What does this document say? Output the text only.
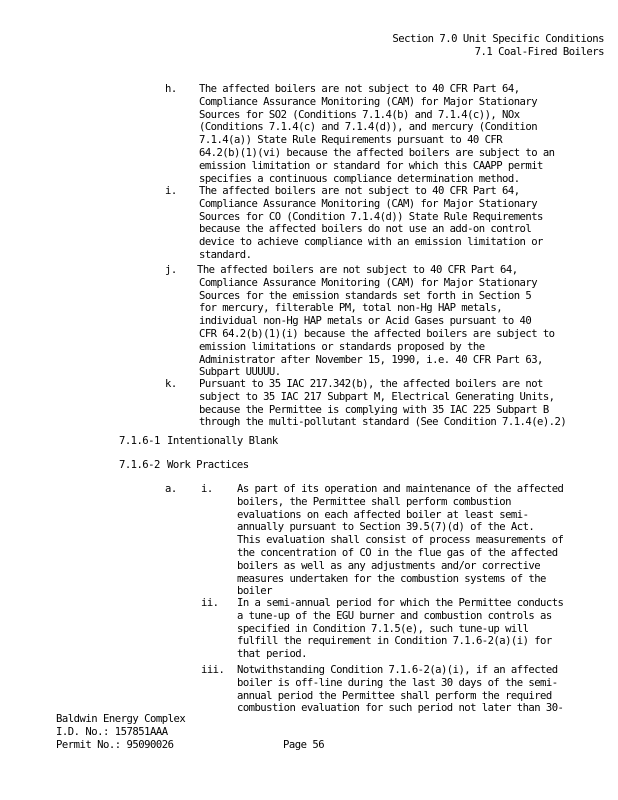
Section 7.0 Unit Specific Conditions
7.1 Coal-Fired Boilers
h.	The affected boilers are not subject to 40 CFR Part 64,
Compliance Assurance Monitoring (CAM) for Major Stationary
Sources for SO2 (Conditions 7.1.4(b) and 7.1.4(c)), NOx
(Conditions 7.1.4(c) and 7.1.4(d)), and mercury (Condition
7.1.4(a)) State Rule Requirements pursuant to 40 CFR
64.2(b)(1)(vi) because the affected boilers are subject to an
emission limitation or standard for which this CAAPP permit
specifies a continuous compliance determination method.
i.	The affected boilers are not subject to 40 CFR Part 64,
Compliance Assurance Monitoring (CAM) for Major Stationary
Sources for CO (Condition 7.1.4(d)) State Rule Requirements
because the affected boilers do not use an add-on control
device to achieve compliance with an emission limitation or
standard.
j.	The affected boilers are not subject to 40 CFR Part 64,
Compliance Assurance Monitoring (CAM) for Major Stationary
Sources for the emission standards set forth in Section 5
for mercury, filterable PM, total non-Hg HAP metals,
individual non-Hg HAP metals or Acid Gases pursuant to 40
CFR 64.2(b)(1)(i) because the affected boilers are subject to
emission limitations or standards proposed by the
Administrator after November 15, 1990, i.e. 40 CFR Part 63,
Subpart UUUUU.
k.	Pursuant to 35 IAC 217.342(b), the affected boilers are not
subject to 35 IAC 217 Subpart M, Electrical Generating Units,
because the Permittee is complying with 35 IAC 225 Subpart B
through the multi-pollutant standard (See Condition 7.1.4(e).2)
7.1.6-1 Intentionally Blank
7.1.6-2 Work Practices
a. i.	As part of its operation and maintenance of the affected
boilers, the Permittee shall perform combustion
evaluations on each affected boiler at least semi-
annually pursuant to Section 39.5(7)(d) of the Act.
This evaluation shall consist of process measurements of
the concentration of CO in the flue gas of the affected
boilers as well as any adjustments and/or corrective
measures undertaken for the combustion systems of the
boiler
ii.	In a semi-annual period for which the Permittee conducts
a tune-up of the EGU burner and combustion controls as
specified in Condition 7.1.5(e), such tune-up will
fulfill the requirement in Condition 7.1.6-2(a)(i) for
that period.
iii.	Notwithstanding Condition 7.1.6-2(a)(i), if an affected
boiler is off-line during the last 30 days of the semi-
annual period the Permittee shall perform the required
combustion evaluation for such period not later than 30-
Baldwin Energy Complex
I.D. No.: 157851AAA
Permit No.: 95090026	Page 56
